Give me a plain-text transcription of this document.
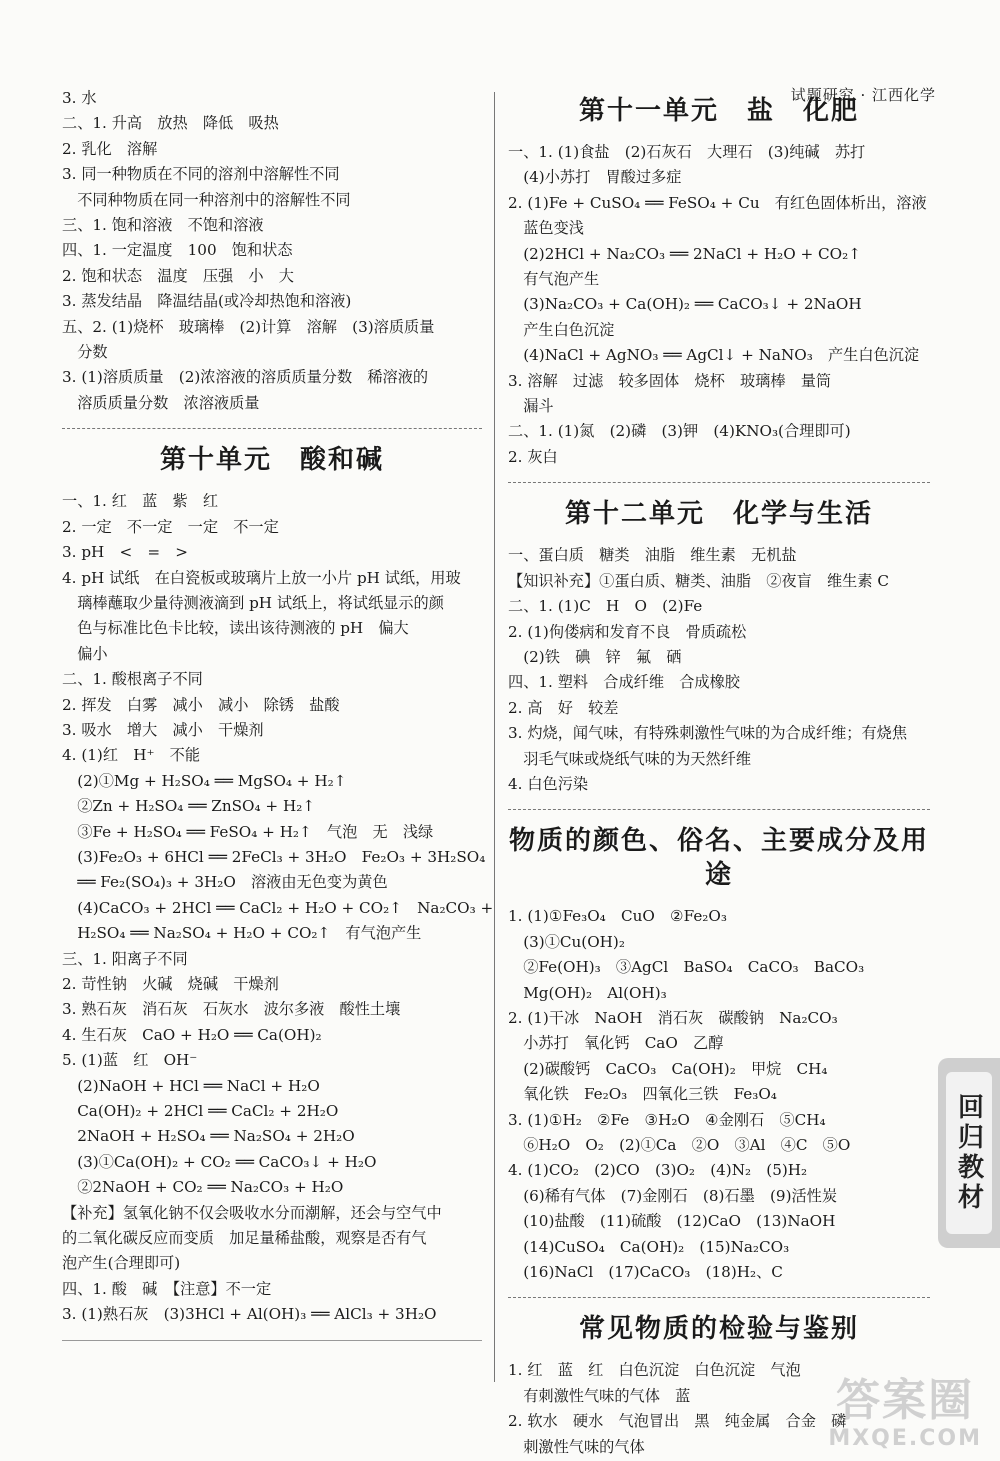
试题研究 · 江西化学
3. 水
二、1. 升高　放热　降低　吸热
2. 乳化　溶解
3. 同一种物质在不同的溶剂中溶解性不同
　不同种物质在同一种溶剂中的溶解性不同
三、1. 饱和溶液　不饱和溶液
四、1. 一定温度　100　饱和状态
2. 饱和状态　温度　压强　小　大
3. 蒸发结晶　降温结晶(或冷却热饱和溶液)
五、2. (1)烧杯　玻璃棒　(2)计算　溶解　(3)溶质质量
　分数
3. (1)溶质质量　(2)浓溶液的溶质质量分数　稀溶液的
　溶质质量分数　浓溶液质量
第十单元　酸和碱
一、1. 红　蓝　紫　红
2. 一定　不一定　一定　不一定
3. pH　<　=　>
4. pH 试纸　在白瓷板或玻璃片上放一小片 pH 试纸，用玻
　璃棒蘸取少量待测液滴到 pH 试纸上，将试纸显示的颜
　色与标准比色卡比较，读出该待测液的 pH　偏大
　偏小
二、1. 酸根离子不同
2. 挥发　白雾　减小　减小　除锈　盐酸
3. 吸水　增大　减小　干燥剂
4. (1)红　H⁺　不能
　(2)①Mg + H₂SO₄ ══ MgSO₄ + H₂↑
　②Zn + H₂SO₄ ══ ZnSO₄ + H₂↑
　③Fe + H₂SO₄ ══ FeSO₄ + H₂↑　气泡　无　浅绿
　(3)Fe₂O₃ + 6HCl ══ 2FeCl₃ + 3H₂O　Fe₂O₃ + 3H₂SO₄
　══ Fe₂(SO₄)₃ + 3H₂O　溶液由无色变为黄色
　(4)CaCO₃ + 2HCl ══ CaCl₂ + H₂O + CO₂↑　Na₂CO₃ +
　H₂SO₄ ══ Na₂SO₄ + H₂O + CO₂↑　有气泡产生
三、1. 阳离子不同
2. 苛性钠　火碱　烧碱　干燥剂
3. 熟石灰　消石灰　石灰水　波尔多液　酸性土壤
4. 生石灰　CaO + H₂O ══ Ca(OH)₂
5. (1)蓝　红　OH⁻
　(2)NaOH + HCl ══ NaCl + H₂O
　Ca(OH)₂ + 2HCl ══ CaCl₂ + 2H₂O
　2NaOH + H₂SO₄ ══ Na₂SO₄ + 2H₂O
　(3)①Ca(OH)₂ + CO₂ ══ CaCO₃↓ + H₂O
　②2NaOH + CO₂ ══ Na₂CO₃ + H₂O
【补充】氢氧化钠不仅会吸收水分而潮解，还会与空气中
的二氧化碳反应而变质　加足量稀盐酸，观察是否有气
泡产生(合理即可)
四、1. 酸　碱　【注意】不一定
3. (1)熟石灰　(3)3HCl + Al(OH)₃ ══ AlCl₃ + 3H₂O
第十一单元　盐　化肥
一、1. (1)食盐　(2)石灰石　大理石　(3)纯碱　苏打
　(4)小苏打　胃酸过多症
2. (1)Fe + CuSO₄ ══ FeSO₄ + Cu　有红色固体析出，溶液
　蓝色变浅
　(2)2HCl + Na₂CO₃ ══ 2NaCl + H₂O + CO₂↑
　有气泡产生
　(3)Na₂CO₃ + Ca(OH)₂ ══ CaCO₃↓ + 2NaOH
　产生白色沉淀
　(4)NaCl + AgNO₃ ══ AgCl↓ + NaNO₃　产生白色沉淀
3. 溶解　过滤　较多固体　烧杯　玻璃棒　量筒
　漏斗
二、1. (1)氮　(2)磷　(3)钾　(4)KNO₃(合理即可)
2. 灰白
第十二单元　化学与生活
一、蛋白质　糖类　油脂　维生素　无机盐
【知识补充】①蛋白质、糖类、油脂　②夜盲　维生素 C
二、1. (1)C　H　O　(2)Fe
2. (1)佝偻病和发育不良　骨质疏松
　(2)铁　碘　锌　氟　硒
四、1. 塑料　合成纤维　合成橡胶
2. 高　好　较差
3. 灼烧，闻气味，有特殊刺激性气味的为合成纤维；有烧焦
　羽毛气味或烧纸气味的为天然纤维
4. 白色污染
物质的颜色、俗名、主要成分及用途
1. (1)①Fe₃O₄　CuO　②Fe₂O₃
　(3)①Cu(OH)₂
　②Fe(OH)₃　③AgCl　BaSO₄　CaCO₃　BaCO₃
　Mg(OH)₂　Al(OH)₃
2. (1)干冰　NaOH　消石灰　碳酸钠　Na₂CO₃
　小苏打　氧化钙　CaO　乙醇
　(2)碳酸钙　CaCO₃　Ca(OH)₂　甲烷　CH₄
　氧化铁　Fe₂O₃　四氧化三铁　Fe₃O₄
3. (1)①H₂　②Fe　③H₂O　④金刚石　⑤CH₄
　⑥H₂O　O₂　(2)①Ca　②O　③Al　④C　⑤O
4. (1)CO₂　(2)CO　(3)O₂　(4)N₂　(5)H₂
　(6)稀有气体　(7)金刚石　(8)石墨　(9)活性炭
　(10)盐酸　(11)硫酸　(12)CaO　(13)NaOH
　(14)CuSO₄　Ca(OH)₂　(15)Na₂CO₃
　(16)NaCl　(17)CaCO₃　(18)H₂、C
常见物质的检验与鉴别
1. 红　蓝　红　白色沉淀　白色沉淀　气泡
　有刺激性气味的气体　蓝
2. 软水　硬水　气泡冒出　黑　纯金属　合金　磷
　刺激性气味的气体
回归教材
答案圈
MXQE.COM
